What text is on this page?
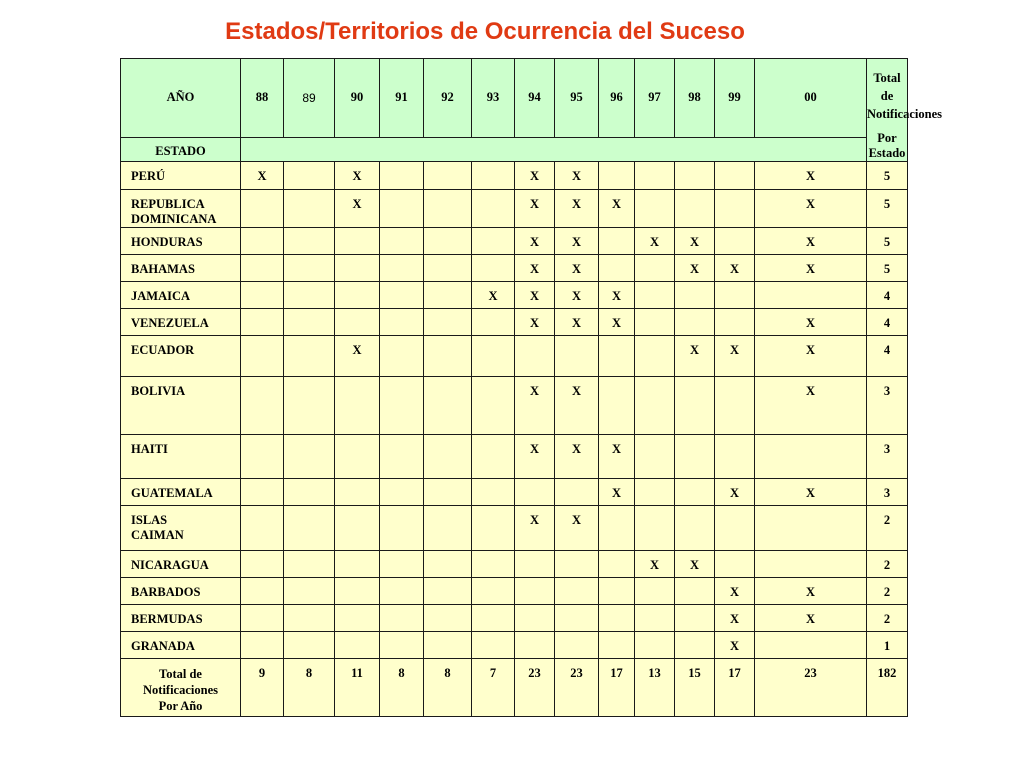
Estados/Territorios de Ocurrencia del Suceso
AÑO	88	89	90	91	92	93	94	95	96	97	98	99	00	Total de Notificaciones
Por Estado

ESTADO														
PERÚ	X		X				X	X					X	5
REPUBLICA
DOMINICANA			X				X	X	X				X	5
HONDURAS							X	X		X	X		X	5
BAHAMAS							X	X			X	X	X	5
JAMAICA						X	X	X	X					4
VENEZUELA							X	X	X				X	4
ECUADOR			X								X	X	X	4
BOLIVIA							X	X					X	3
HAITI							X	X	X					3
GUATEMALA									X			X	X	3
ISLAS
CAIMAN							X	X						2
NICARAGUA										X	X			2
BARBADOS												X	X	2
BERMUDAS												X	X	2
GRANADA												X		1
Total de
Notificaciones
Por Año	9	8	11	8	8	7	23	23	17	13	15	17	23	182
